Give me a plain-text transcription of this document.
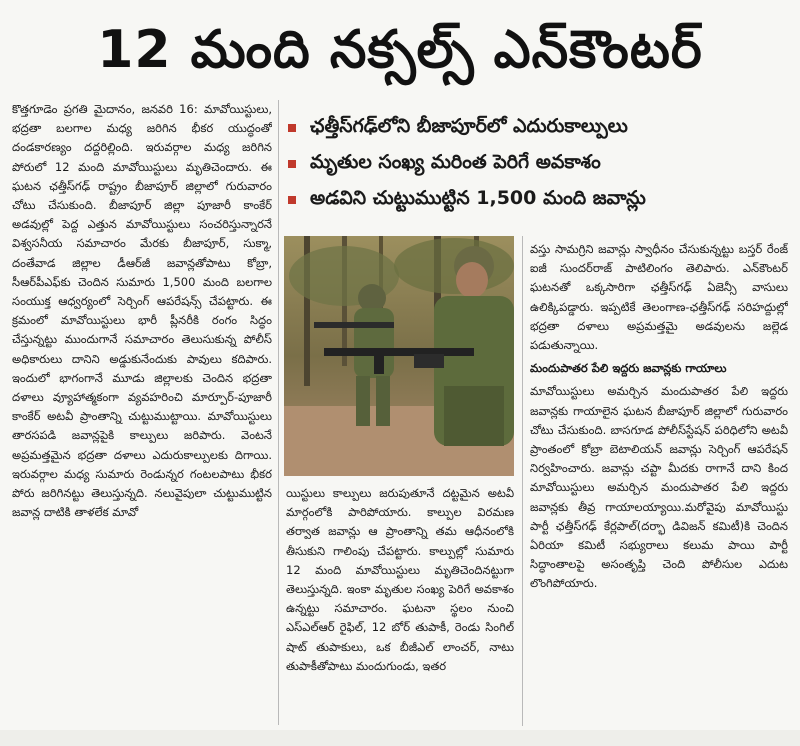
12 మంది నక్సల్స్ ఎన్‌కౌంటర్

కొత్తగూడెం ప్రగతి మైదానం, జనవరి 16: మావోయిస్టులు, భద్రతా బలగాల మధ్య జరిగిన భీకర యుద్ధంతో దండకారణ్యం దద్దరిల్లింది. ఇరువర్గాల మధ్య జరిగిన పోరులో 12 మంది మావోయిస్టులు మృతిచెందారు. ఈ ఘటన ఛత్తీస్‌గఢ్ రాష్ట్రం బీజాపూర్ జిల్లాలో గురువారం చోటు చేసుకుంది. బీజాపూర్ జిల్లా పూజారీ కాంకేర్ అడవుల్లో పెద్ద ఎత్తున మావోయిస్టులు సంచరిస్తున్నారనే విశ్వసనీయ సమాచారం మేరకు బీజాపూర్, సుక్మా, దంతేవాడ జిల్లాల డీఆర్‌జీ జవాన్లతోపాటు కోబ్రా, సీఆర్‌పీఎఫ్‌కు చెందిన సుమారు 1,500 మంది బలగాల సంయుక్త ఆధ్వర్యంలో సెర్చింగ్ ఆపరేషన్స్ చేపట్టారు. ఈ క్రమంలో మావోయిస్టులు భారీ ప్లీనరీకి రంగం సిద్ధం చేస్తున్నట్టు ముందుగానే సమాచారం తెలుసుకున్న పోలీస్ అధికారులు దానిని అడ్డుకునేందుకు పావులు కదిపారు. ఇందులో భాగంగానే మూడు జిల్లాలకు చెందిన భద్రతా దళాలు వ్యూహాత్మకంగా వ్యవహరించి మార్పూర్-పూజారీ కాంకేర్ అటవీ ప్రాంతాన్ని చుట్టుముట్టాయి. మావోయిస్టులు తారసపడి జవాన్లపైకి కాల్పులు జరిపారు. వెంటనే అప్రమత్తమైన భద్రతా దళాలు ఎదురుకాల్పులకు దిగాయి. ఇరువర్గాల మధ్య సుమారు రెండున్నర గంటలపాటు భీకర పోరు జరిగినట్టు తెలుస్తున్నది. నలువైపులా చుట్టుముట్టిన జవాన్ల దాటికి తాళలేక మావో

ఛత్తీస్‌గఢ్‌లోని బీజాపూర్‌లో ఎదురుకాల్పులు
మృతుల సంఖ్య మరింత పెరిగే అవకాశం
అడవిని చుట్టుముట్టిన 1,500 మంది జవాన్లు

యిస్టులు కాల్పులు జరుపుతూనే దట్టమైన అటవీ మార్గంలోకి పారిపోయారు. కాల్పుల విరమణ తర్వాత జవాన్లు ఆ ప్రాంతాన్ని తమ ఆధీనంలోకి తీసుకుని గాలింపు చేపట్టారు. కాల్పుల్లో సుమారు 12 మంది మావోయిస్టులు మృతిచెందినట్టుగా తెలుస్తున్నది. ఇంకా మృతుల సంఖ్య పెరిగే అవకాశం ఉన్నట్టు సమాచారం. ఘటనా స్థలం నుంచి ఎస్‌ఎల్ఆర్ రైఫిల్, 12 బోర్ తుపాకీ, రెండు సింగిల్ షాట్ తుపాకులు, ఒక బీజీఎల్ లాంచర్, నాటు తుపాకీతోపాటు మందుగుండు, ఇతర

వస్తు సామగ్రిని జవాన్లు స్వాధీనం చేసుకున్నట్టు బస్తర్ రేంజ్ ఐజీ సుందర్‌రాజ్ పాటిలింగం తెలిపారు. ఎన్‌కౌంటర్ ఘటనతో ఒక్కసారిగా ఛత్తీస్‌గఢ్ ఏజెన్సీ వాసులు ఉలిక్కిపడ్డారు. ఇప్పటికే తెలంగాణ-ఛత్తీస్‌గఢ్ సరిహద్దుల్లో భద్రతా దళాలు అప్రమత్తమై అడవులను జల్లెడ పడుతున్నాయి.

మందుపాతర పేలి ఇద్దరు జవాన్లకు గాయాలు

మావోయిస్టులు అమర్చిన మందుపాతర పేలి ఇద్దరు జవాన్లకు గాయాలైన ఘటన బీజాపూర్ జిల్లాలో గురువారం చోటు చేసుకుంది. బాసగూడ పోలీస్‌స్టేషన్ పరిధిలోని అటవీ ప్రాంతంలో కోబ్రా బెటాలియన్ జవాన్లు సెర్చింగ్ ఆపరేషన్ నిర్వహించారు. జవాన్లు చప్టా మీదకు రాగానే దాని కింద మావోయిస్టులు అమర్చిన మందుపాతర పేలి ఇద్దరు జవాన్లకు తీవ్ర గాయాలయ్యాయి.మరోవైపు మావోయిస్టు పార్టీ ఛత్తీస్‌గఢ్ కేర్లపాల్(దర్భా డివిజన్ కమిటీ)కి చెందిన ఏరియా కమిటీ సభ్యురాలు కలుమ పాయి పార్టీ సిద్ధాంతాలపై అసంతృప్తి చెంది పోలీసుల ఎదుట లొంగిపోయారు.
